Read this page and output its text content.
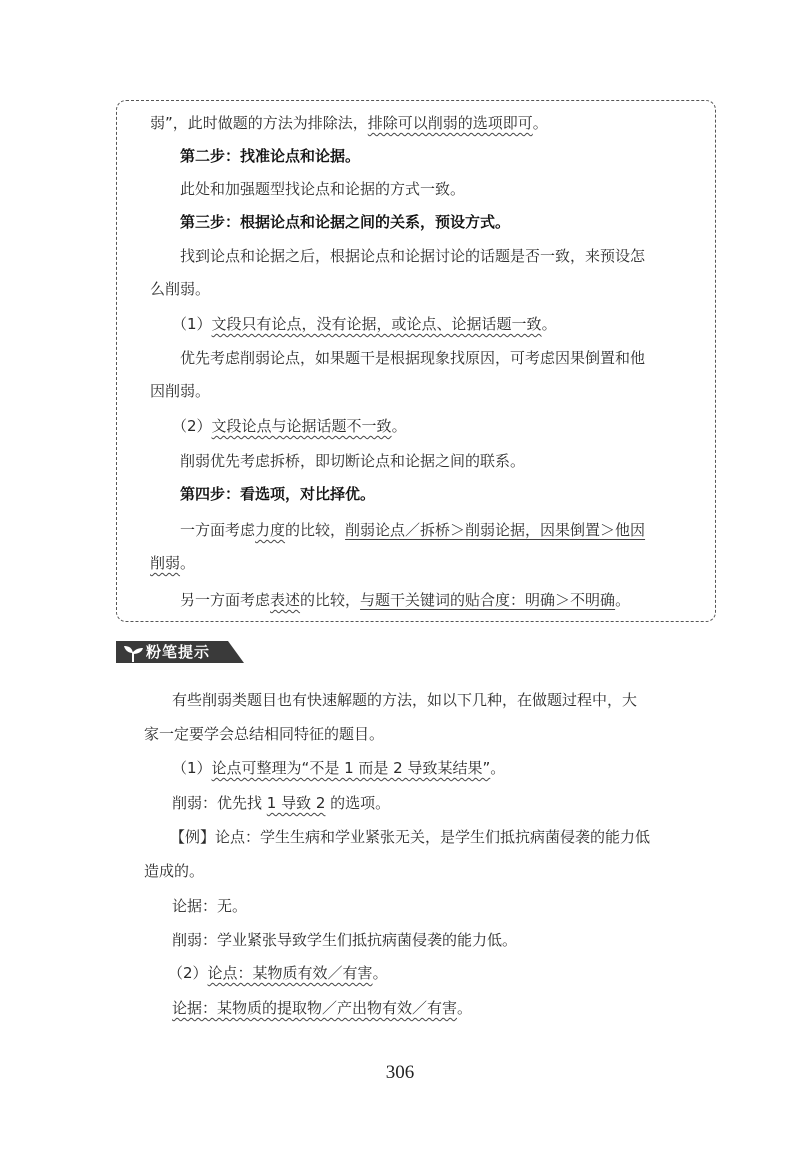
弱”，此时做题的方法为排除法，排除可以削弱的选项即可。
第二步：找准论点和论据。
此处和加强题型找论点和论据的方式一致。
第三步：根据论点和论据之间的关系，预设方式。
找到论点和论据之后，根据论点和论据讨论的话题是否一致，来预设怎
么削弱。
（1）文段只有论点，没有论据，或论点、论据话题一致。
优先考虑削弱论点，如果题干是根据现象找原因，可考虑因果倒置和他
因削弱。
（2）文段论点与论据话题不一致。
削弱优先考虑拆桥，即切断论点和论据之间的联系。
第四步：看选项，对比择优。
一方面考虑力度的比较，削弱论点／拆桥＞削弱论据，因果倒置＞他因
削弱。
另一方面考虑表述的比较，与题干关键词的贴合度：明确＞不明确。
粉笔提示
有些削弱类题目也有快速解题的方法，如以下几种，在做题过程中，大
家一定要学会总结相同特征的题目。
（1）论点可整理为“不是 1 而是 2 导致某结果”。
削弱：优先找 1 导致 2 的选项。
【例】论点：学生生病和学业紧张无关，是学生们抵抗病菌侵袭的能力低
造成的。
论据：无。
削弱：学业紧张导致学生们抵抗病菌侵袭的能力低。
（2）论点：某物质有效／有害。
论据：某物质的提取物／产出物有效／有害。
306
